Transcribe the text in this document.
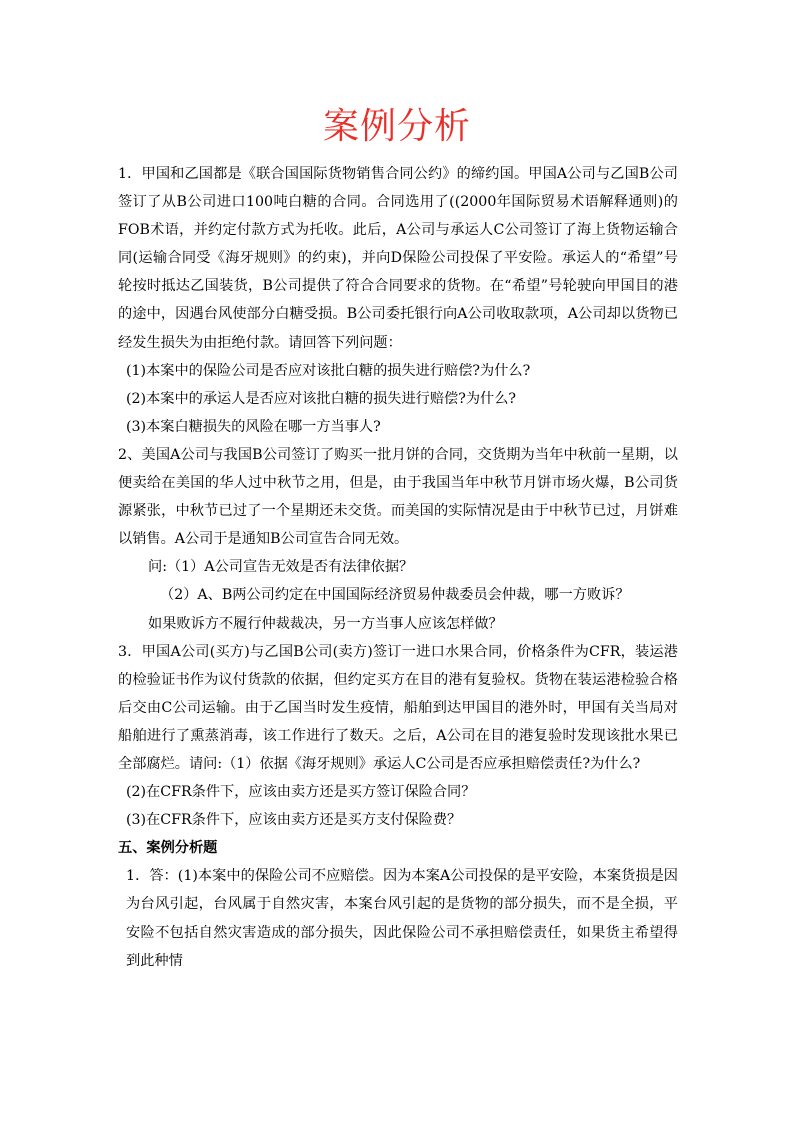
案例分析

1．甲国和乙国都是《联合国国际货物销售合同公约》的缔约国。甲国A公司与乙国B公司签订了从B公司进口100吨白糖的合同。合同选用了((2000年国际贸易术语解释通则)的FOB术语，并约定付款方式为托收。此后，A公司与承运人C公司签订了海上货物运输合同(运输合同受《海牙规则》的约束)，并向D保险公司投保了平安险。承运人的“希望”号轮按时抵达乙国装货，B公司提供了符合合同要求的货物。在“希望”号轮驶向甲国目的港的途中，因遇台风使部分白糖受损。B公司委托银行向A公司收取款项，A公司却以货物已经发生损失为由拒绝付款。请回答下列问题：

(1)本案中的保险公司是否应对该批白糖的损失进行赔偿?为什么?

(2)本案中的承运人是否应对该批白糖的损失进行赔偿?为什么?

(3)本案白糖损失的风险在哪一方当事人?

2、美国A公司与我国B公司签订了购买一批月饼的合同，交货期为当年中秋前一星期，以便卖给在美国的华人过中秋节之用，但是，由于我国当年中秋节月饼市场火爆，B公司货源紧张，中秋节已过了一个星期还未交货。而美国的实际情况是由于中秋节已过，月饼难以销售。A公司于是通知B公司宣告合同无效。

问:（1）A公司宣告无效是否有法律依据？

（2）A、B两公司约定在中国国际经济贸易仲裁委员会仲裁，哪一方败诉？

如果败诉方不履行仲裁裁决，另一方当事人应该怎样做？

3．甲国A公司(买方)与乙国B公司(卖方)签订一进口水果合同，价格条件为CFR，装运港的检验证书作为议付货款的依据，但约定买方在目的港有复验权。货物在装运港检验合格后交由C公司运输。由于乙国当时发生疫情，船舶到达甲国目的港外时，甲国有关当局对船舶进行了熏蒸消毒，该工作进行了数天。之后，A公司在目的港复验时发现该批水果已全部腐烂。请问:（1）依据《海牙规则》承运人C公司是否应承担赔偿责任?为什么?

(2)在CFR条件下，应该由卖方还是买方签订保险合同？

(3)在CFR条件下，应该由卖方还是买方支付保险费？

五、案例分析题

1．答：(1)本案中的保险公司不应赔偿。因为本案A公司投保的是平安险，本案货损是因为台风引起，台风属于自然灾害，本案台风引起的是货物的部分损失，而不是全损，平安险不包括自然灾害造成的部分损失，因此保险公司不承担赔偿责任，如果货主希望得到此种情
